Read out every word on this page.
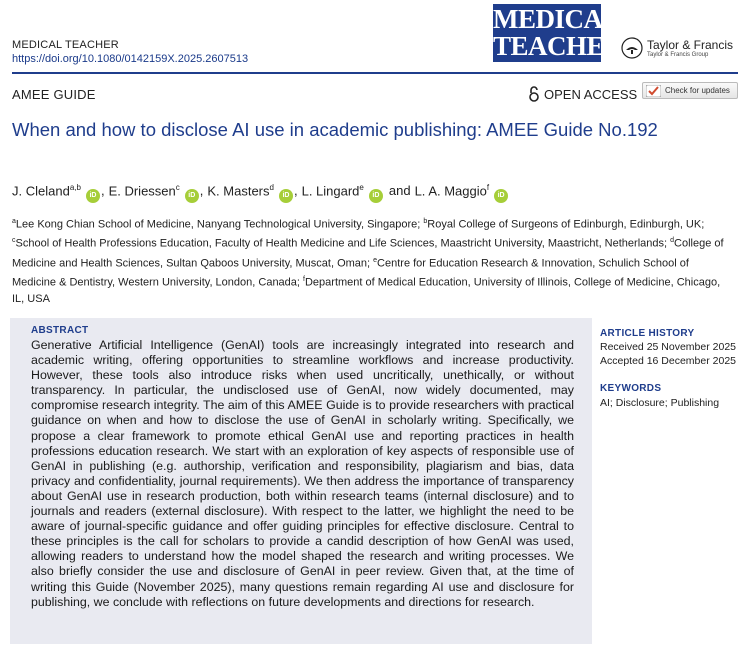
MEDICAL TEACHER
https://doi.org/10.1080/0142159X.2025.2607513
MEDICAL
TEACHER Taylor & Francis
Taylor & Francis Group
AMEE GUIDE	OPEN ACCESS	Check for updates
When and how to disclose AI use in academic publishing: AMEE Guide No.192
J. Cleland$^{a,b}$iD , E. Driessen$^c$iD , K. Masters$^d$iD , L. Lingard$^e$iD and L. A. Maggio$^f$iD
$^a$Lee Kong Chian School of Medicine, Nanyang Technological University, Singapore; $^b$Royal College of Surgeons of Edinburgh, Edinburgh, UK; $^c$School of Health Professions Education, Faculty of Health Medicine and Life Sciences, Maastricht University, Maastricht, Netherlands; $^d$College of Medicine and Health Sciences, Sultan Qaboos University, Muscat, Oman; $^e$Centre for Education Research & Innovation, Schulich School of Medicine & Dentistry, Western University, London, Canada; $^f$Department of Medical Education, University of Illinois, College of Medicine, Chicago, IL, USA
ABSTRACT

Generative Artificial Intelligence (GenAI) tools are increasingly integrated into research and academic writing, offering opportunities to streamline workflows and increase productivity. However, these tools also introduce risks when used uncritically, unethically, or without transparency. In particular, the undisclosed use of GenAI, now widely documented, may compromise research integrity. The aim of this AMEE Guide is to provide researchers with practical guidance on when and how to disclose the use of GenAI in scholarly writing. Specifically, we propose a clear framework to promote ethical GenAI use and reporting practices in health professions education research. We start with an exploration of key aspects of responsible use of GenAI in publishing (e.g. authorship, verification and responsibility, plagiarism and bias, data privacy and confidentiality, journal requirements). We then address the importance of transparency about GenAI use in research production, both within research teams (internal disclosure) and to journals and readers (external disclosure). With respect to the latter, we highlight the need to be aware of journal-specific guidance and offer guiding principles for effective disclosure. Central to these principles is the call for scholars to provide a candid description of how GenAI was used, allowing readers to understand how the model shaped the research and writing processes. We also briefly consider the use and disclosure of GenAI in peer review. Given that, at the time of writing this Guide (November 2025), many questions remain regarding AI use and disclosure for publishing, we conclude with reflections on future developments and directions for research.

ARTICLE HISTORY
Received 25 November 2025
Accepted 16 December 2025
KEYWORDS
AI; Disclosure; Publishing
